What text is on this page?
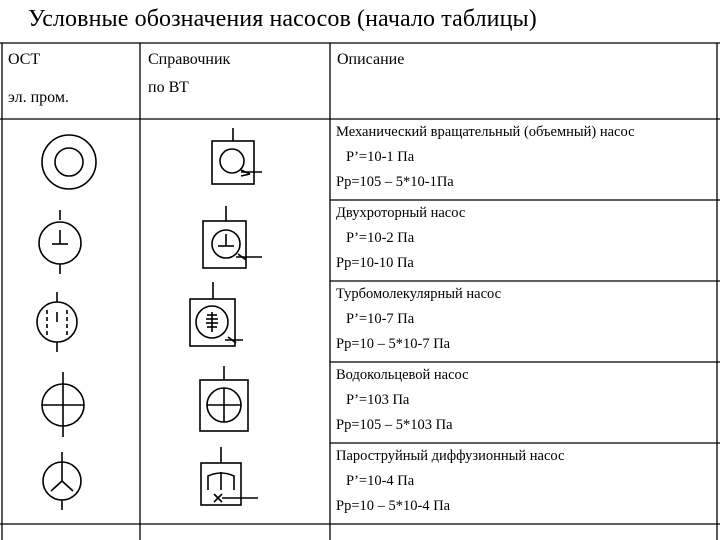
Условные обозначения насосов (начало таблицы)
ОСТ
эл. пром.
Справочник
по ВТ
Описание
Механический вращательный (объемный) насос
Р’=10-1 Па
Рр=105 – 5*10-1Па
Двухроторный насос
Р’=10-2 Па
Рр=10-10 Па
Турбомолекулярный насос
Р’=10-7 Па
Рр=10 – 5*10-7 Па
Водокольцевой насос
Р’=103 Па
Рр=105 – 5*103 Па
Пароструйный диффузионный насос
Р’=10-4 Па
Рр=10 – 5*10-4 Па
